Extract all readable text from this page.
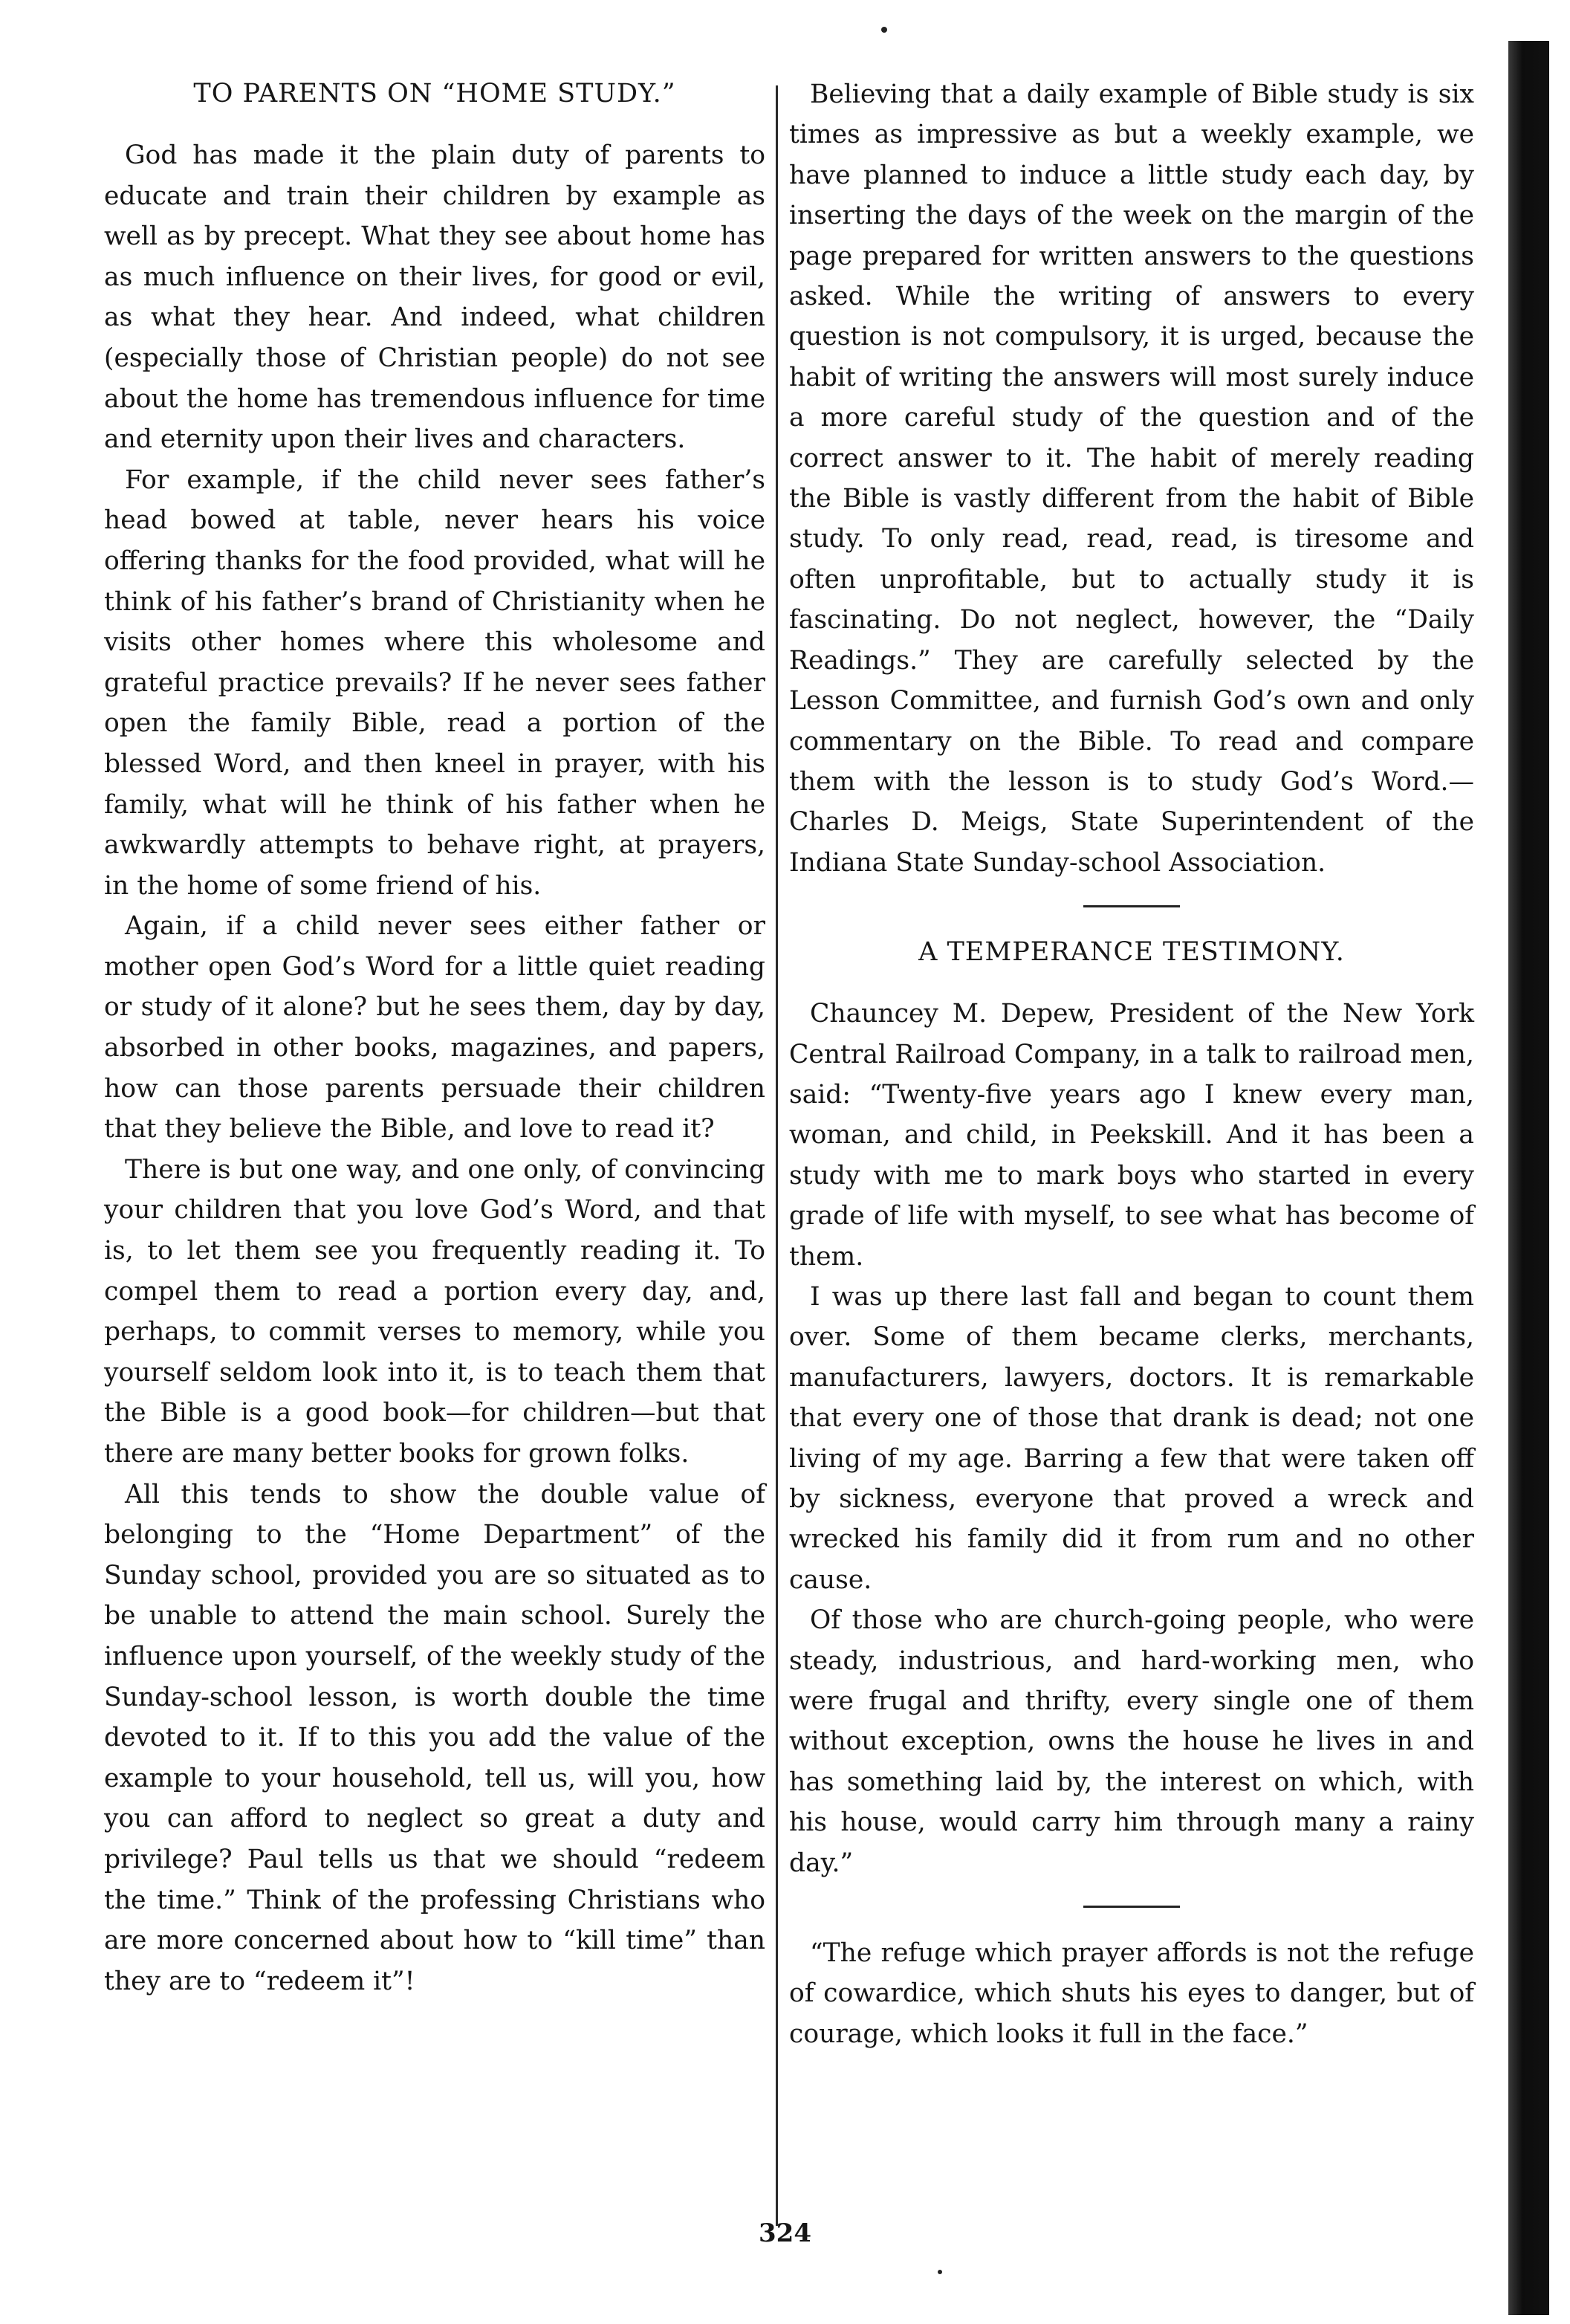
TO PARENTS ON “HOME STUDY.”

God has made it the plain duty of parents to educate and train their children by example as well as by precept. What they see about home has as much influence on their lives, for good or evil, as what they hear. And indeed, what children (especially those of Christian people) do not see about the home has tremendous influence for time and eternity upon their lives and characters.

For example, if the child never sees father’s head bowed at table, never hears his voice offering thanks for the food provided, what will he think of his father’s brand of Christianity when he visits other homes where this wholesome and grateful practice prevails? If he never sees father open the family Bible, read a portion of the blessed Word, and then kneel in prayer, with his family, what will he think of his father when he awkwardly attempts to behave right, at prayers, in the home of some friend of his.

Again, if a child never sees either father or mother open God’s Word for a little quiet reading or study of it alone? but he sees them, day by day, absorbed in other books, magazines, and papers, how can those parents persuade their children that they believe the Bible, and love to read it?

There is but one way, and one only, of convincing your children that you love God’s Word, and that is, to let them see you frequently reading it. To compel them to read a portion every day, and, perhaps, to commit verses to memory, while you yourself seldom look into it, is to teach them that the Bible is a good book—for children—but that there are many better books for grown folks.

All this tends to show the double value of belonging to the “Home Department” of the Sunday school, provided you are so situated as to be unable to attend the main school. Surely the influence upon yourself, of the weekly study of the Sunday-school lesson, is worth double the time devoted to it. If to this you add the value of the example to your household, tell us, will you, how you can afford to neglect so great a duty and privilege? Paul tells us that we should “redeem the time.” Think of the professing Christians who are more concerned about how to “kill time” than they are to “redeem it”!

Believing that a daily example of Bible study is six times as impressive as but a weekly example, we have planned to induce a little study each day, by inserting the days of the week on the margin of the page prepared for written answers to the questions asked. While the writing of answers to every question is not compulsory, it is urged, because the habit of writing the answers will most surely induce a more careful study of the question and of the correct answer to it. The habit of merely reading the Bible is vastly different from the habit of Bible study. To only read, read, read, is tiresome and often unprofitable, but to actually study it is fascinating. Do not neglect, however, the “Daily Readings.” They are carefully selected by the Lesson Committee, and furnish God’s own and only commentary on the Bible. To read and compare them with the lesson is to study God’s Word.—Charles D. Meigs, State Superintendent of the Indiana State Sunday-school Association.

A TEMPERANCE TESTIMONY.

Chauncey M. Depew, President of the New York Central Railroad Company, in a talk to railroad men, said: “Twenty-five years ago I knew every man, woman, and child, in Peekskill. And it has been a study with me to mark boys who started in every grade of life with myself, to see what has become of them.

I was up there last fall and began to count them over. Some of them became clerks, merchants, manufacturers, lawyers, doctors. It is remarkable that every one of those that drank is dead; not one living of my age. Barring a few that were taken off by sickness, everyone that proved a wreck and wrecked his family did it from rum and no other cause.

Of those who are church-going people, who were steady, industrious, and hard-working men, who were frugal and thrifty, every single one of them without exception, owns the house he lives in and has something laid by, the interest on which, with his house, would carry him through many a rainy day.”

“The refuge which prayer affords is not the refuge of cowardice, which shuts his eyes to danger, but of courage, which looks it full in the face.”

324
